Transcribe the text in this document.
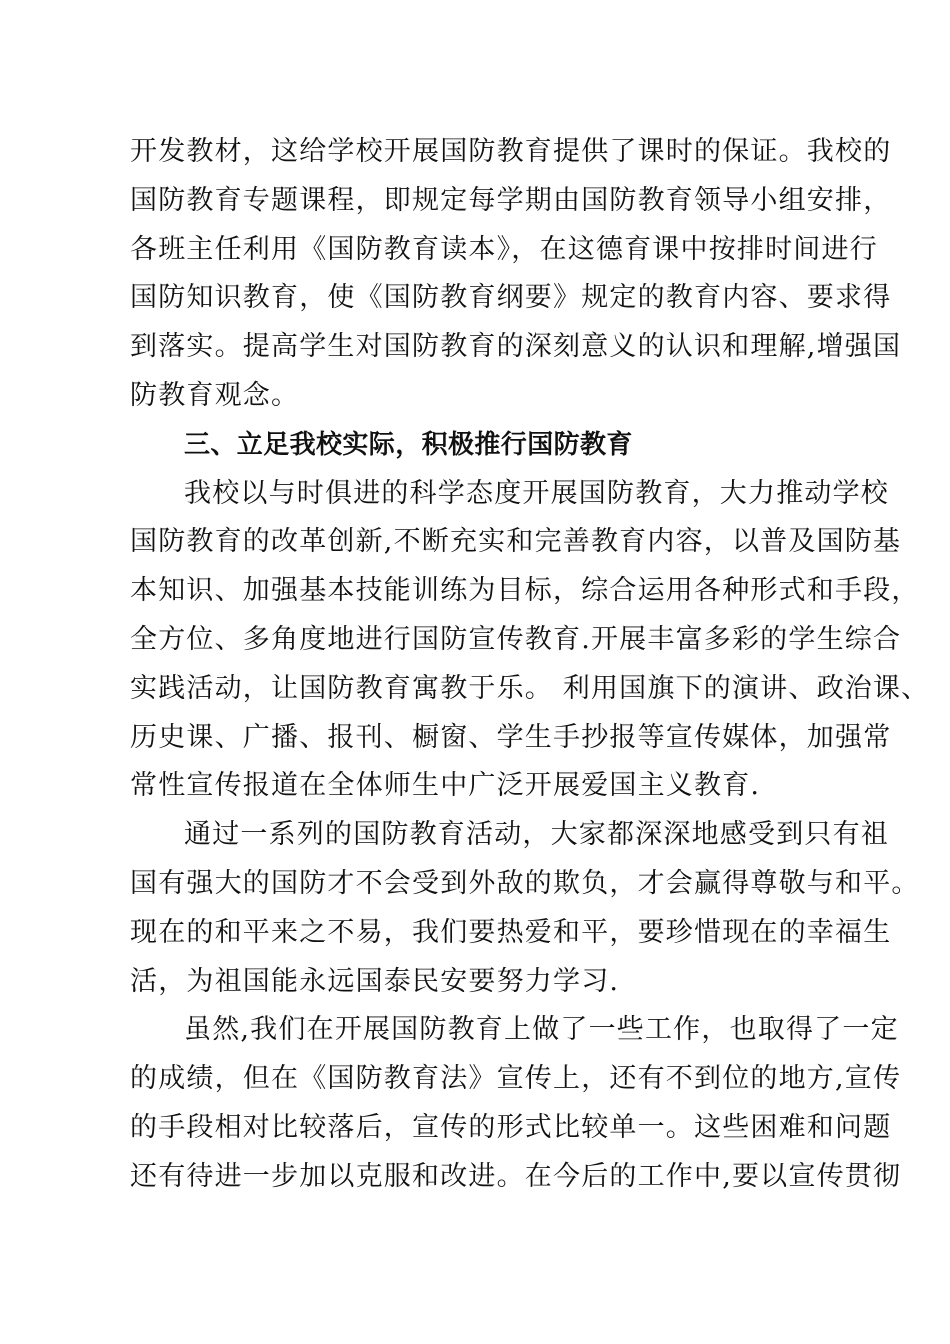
开发教材，这给学校开展国防教育提供了课时的保证。我校的
国防教育专题课程，即规定每学期由国防教育领导小组安排，
各班主任利用《国防教育读本》，在这德育课中按排时间进行
国防知识教育，使《国防教育纲要》规定的教育内容、要求得
到落实。提高学生对国防教育的深刻意义的认识和理解,增强国
防教育观念。
三、立足我校实际，积极推行国防教育
我校以与时俱进的科学态度开展国防教育，大力推动学校
国防教育的改革创新,不断充实和完善教育内容，以普及国防基
本知识、加强基本技能训练为目标，综合运用各种形式和手段，
全方位、多角度地进行国防宣传教育.开展丰富多彩的学生综合
实践活动，让国防教育寓教于乐。 利用国旗下的演讲、政治课、
历史课、广播、报刊、橱窗、学生手抄报等宣传媒体，加强常
常性宣传报道在全体师生中广泛开展爱国主义教育.
通过一系列的国防教育活动，大家都深深地感受到只有祖
国有强大的国防才不会受到外敌的欺负，才会赢得尊敬与和平。
现在的和平来之不易，我们要热爱和平，要珍惜现在的幸福生
活，为祖国能永远国泰民安要努力学习.
虽然,我们在开展国防教育上做了一些工作，也取得了一定
的成绩，但在《国防教育法》宣传上，还有不到位的地方,宣传
的手段相对比较落后，宣传的形式比较单一。这些困难和问题
还有待进一步加以克服和改进。在今后的工作中,要以宣传贯彻
